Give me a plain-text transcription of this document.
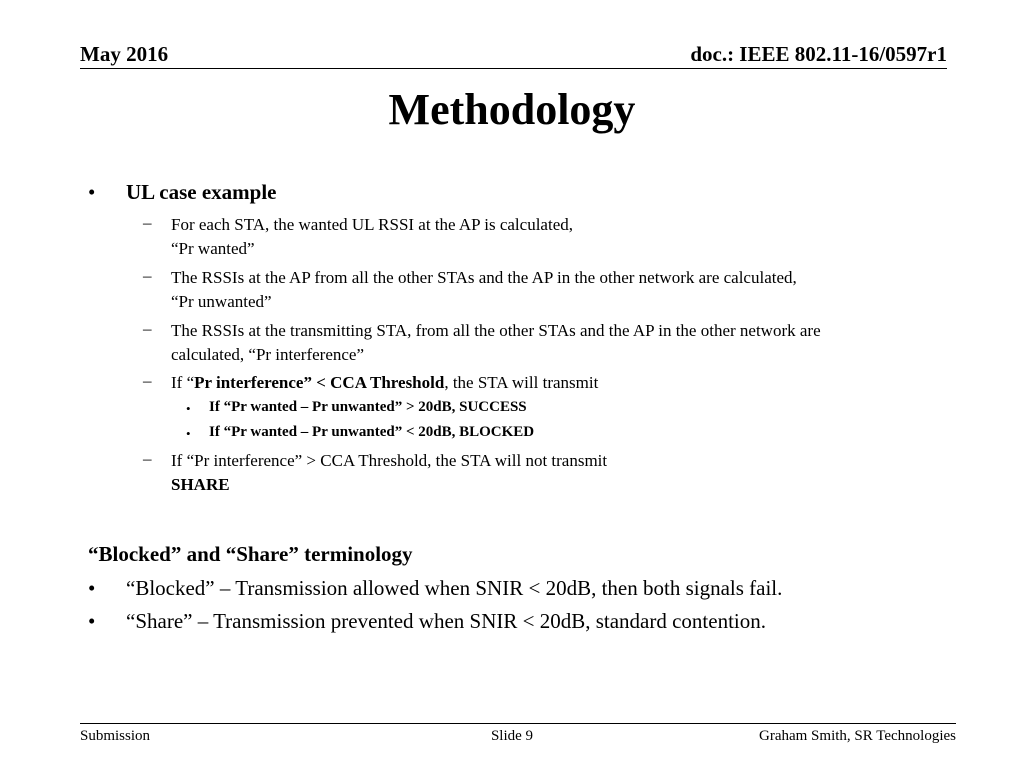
May 2016	doc.: IEEE 802.11-16/0597r1
Methodology
• UL case example
– For each STA, the wanted UL RSSI at the AP is calculated,
“Pr wanted”
– The RSSIs at the AP from all the other STAs and the AP in the other network are calculated,
“Pr unwanted”
– The RSSIs at the transmitting STA, from all the other STAs and the AP in the other network are
calculated, “Pr interference”
– If “Pr interference” < CCA Threshold, the STA will transmit
• If “Pr wanted – Pr unwanted” > 20dB, SUCCESS
• If “Pr wanted – Pr unwanted” < 20dB, BLOCKED
– If “Pr interference” > CCA Threshold, the STA will not transmit
SHARE
“Blocked” and “Share” terminology
• “Blocked” – Transmission allowed when SNIR < 20dB, then both signals fail.
• “Share” – Transmission prevented when SNIR < 20dB, standard contention.
Submission	Slide 9	Graham Smith, SR Technologies
